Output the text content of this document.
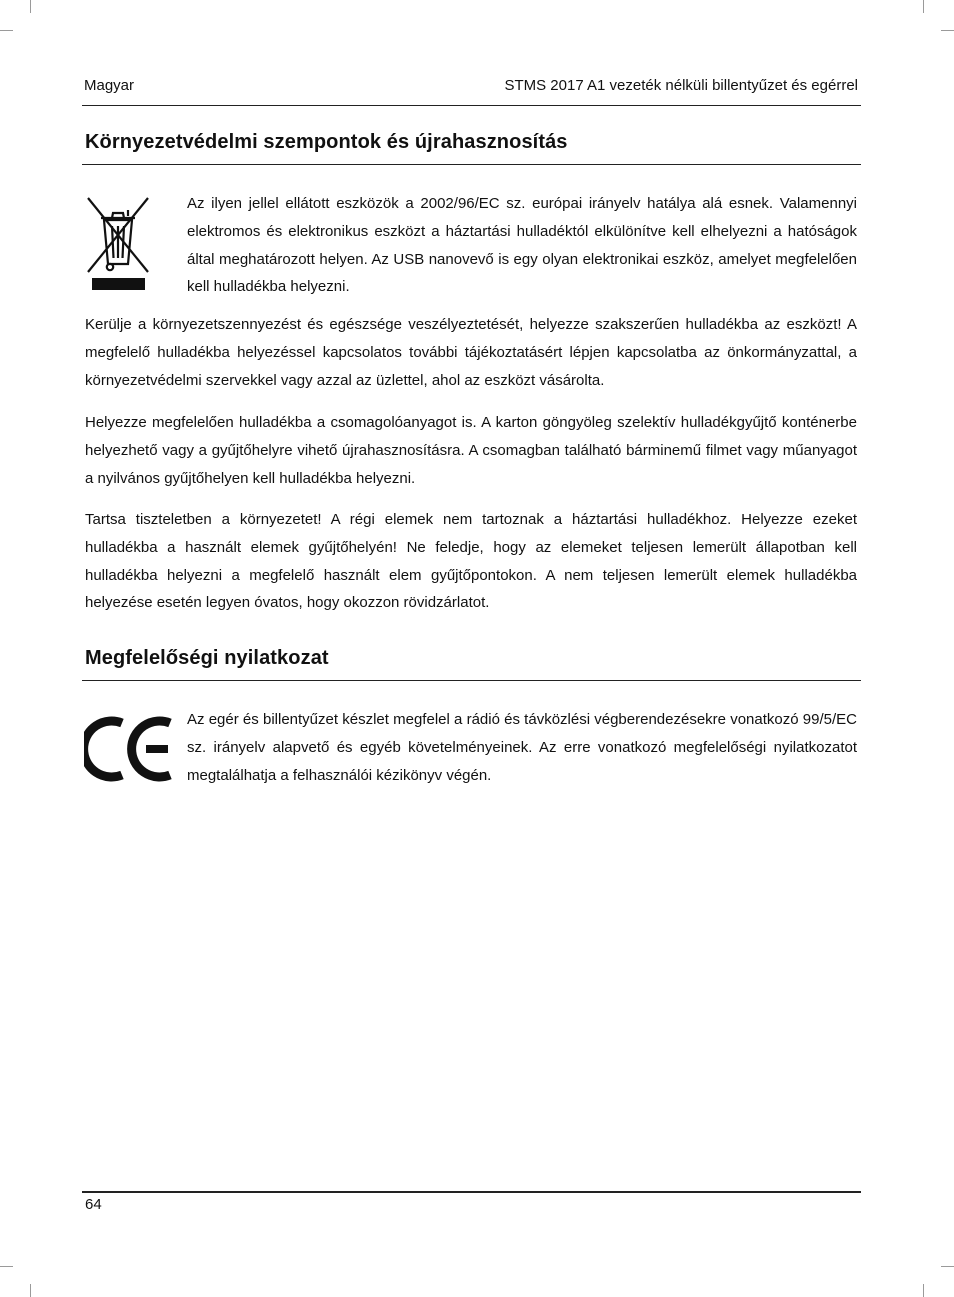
Magyar	STMS 2017 A1 vezeték nélküli billentyűzet és egérrel
Környezetvédelmi szempontok és újrahasznosítás

Az ilyen jellel ellátott eszközök a 2002/96/EC sz. európai irányelv hatálya alá esnek. Valamennyi elektromos és elektronikus eszközt a háztartási hulladéktól elkülönítve kell elhelyezni a hatóságok által meghatározott helyen. Az USB nanovevő is egy olyan elektronikai eszköz, amelyet megfelelően kell hulladékba helyezni.

Kerülje a környezetszennyezést és egészsége veszélyeztetését, helyezze szakszerűen hulladékba az eszközt! A megfelelő hulladékba helyezéssel kapcsolatos további tájékoztatásért lépjen kapcsolatba az önkormányzattal, a környezetvédelmi szervekkel vagy azzal az üzlettel, ahol az eszközt vásárolta.

Helyezze megfelelően hulladékba a csomagolóanyagot is. A karton göngyöleg szelektív hulladékgyűjtő konténerbe helyezhető vagy a gyűjtőhelyre vihető újrahasznosításra. A csomagban található bárminemű filmet vagy műanyagot a nyilvános gyűjtőhelyen kell hulladékba helyezni.

Tartsa tiszteletben a környezetet! A régi elemek nem tartoznak a háztartási hulladékhoz. Helyezze ezeket hulladékba a használt elemek gyűjtőhelyén! Ne feledje, hogy az elemeket teljesen lemerült állapotban kell hulladékba helyezni a megfelelő használt elem gyűjtőpontokon. A nem teljesen lemerült elemek hulladékba helyezése esetén legyen óvatos, hogy okozzon rövidzárlatot.

Megfelelőségi nyilatkozat

Az egér és billentyűzet készlet megfelel a rádió és távközlési végberendezésekre vonatkozó 99/5/EC sz. irányelv alapvető és egyéb követelményeinek. Az erre vonatkozó megfelelőségi nyilatkozatot megtalálhatja a felhasználói kézikönyv végén.

64
